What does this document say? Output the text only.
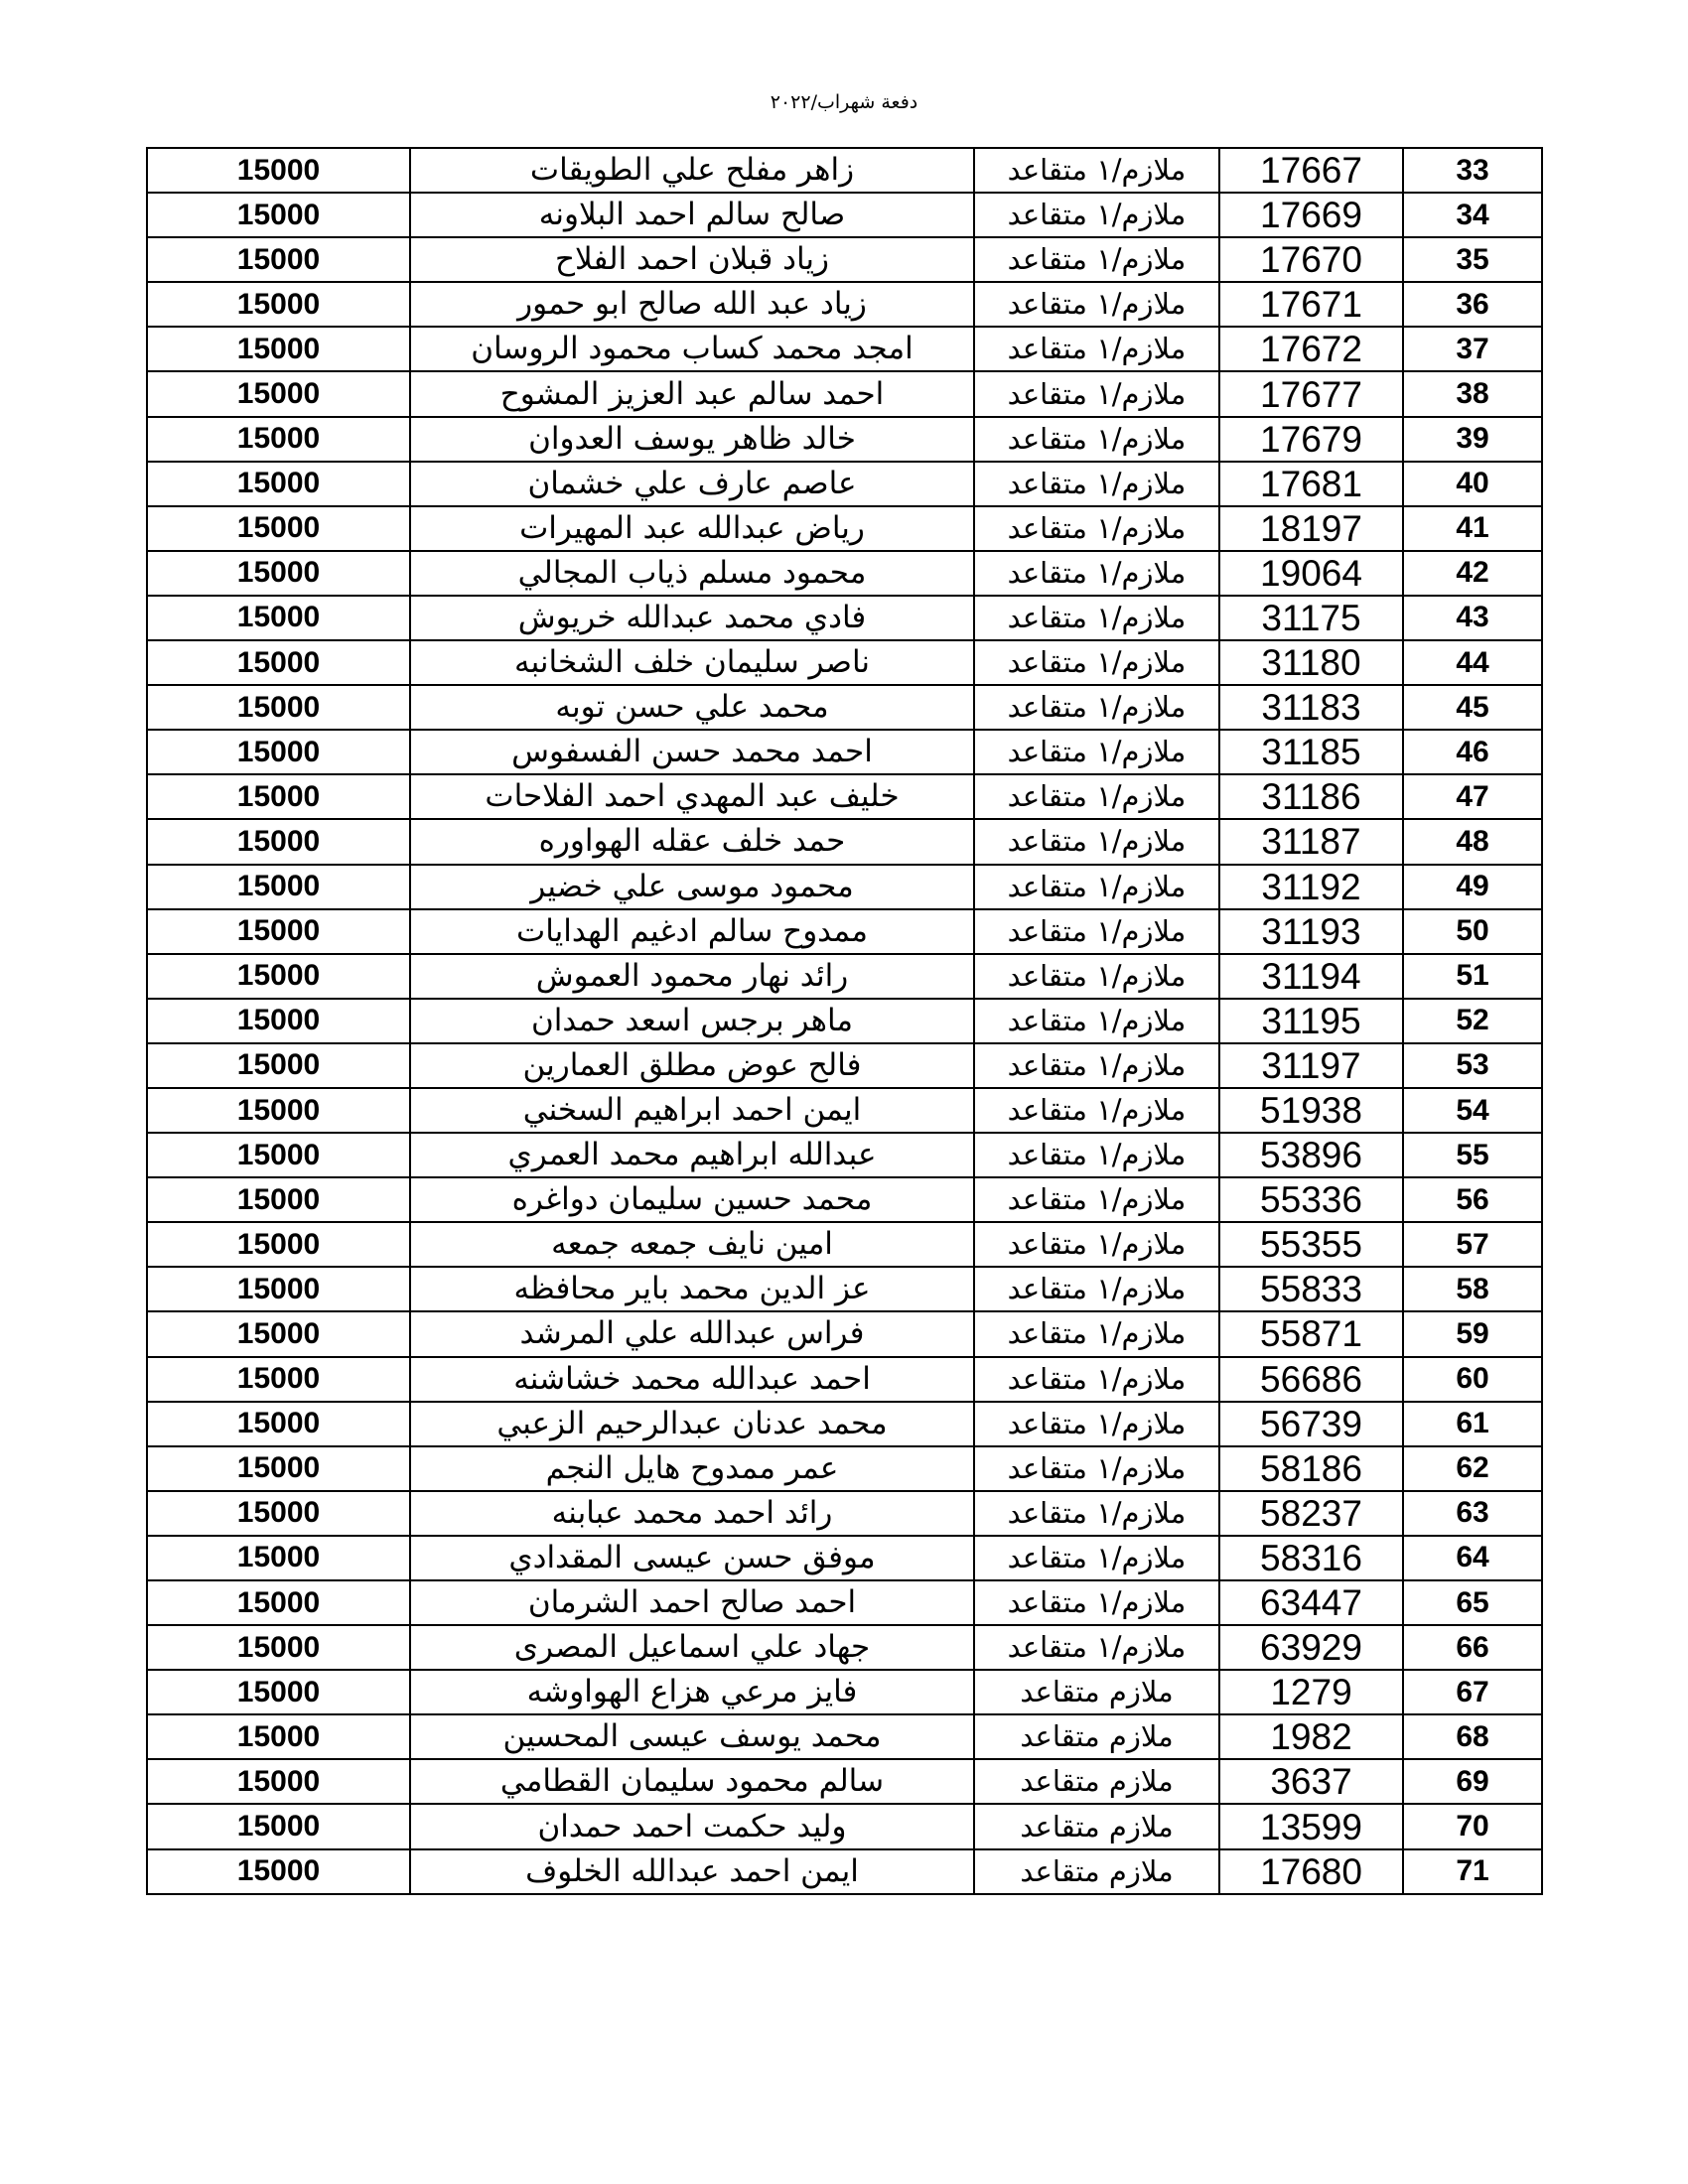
دفعة شهراب/٢٠٢٢
15000	زاهر مفلح علي الطويقات	ملازم/١ متقاعد	17667	33
15000	صالح سالم احمد البلاونه	ملازم/١ متقاعد	17669	34
15000	زياد قبلان احمد الفلاح	ملازم/١ متقاعد	17670	35
15000	زياد عبد الله صالح ابو حمور	ملازم/١ متقاعد	17671	36
15000	امجد محمد كساب محمود الروسان	ملازم/١ متقاعد	17672	37
15000	احمد سالم عبد العزيز المشوح	ملازم/١ متقاعد	17677	38
15000	خالد ظاهر يوسف العدوان	ملازم/١ متقاعد	17679	39
15000	عاصم عارف علي خشمان	ملازم/١ متقاعد	17681	40
15000	رياض عبدالله عبد المهيرات	ملازم/١ متقاعد	18197	41
15000	محمود مسلم ذياب المجالي	ملازم/١ متقاعد	19064	42
15000	فادي محمد عبدالله خريوش	ملازم/١ متقاعد	31175	43
15000	ناصر سليمان خلف الشخانبه	ملازم/١ متقاعد	31180	44
15000	محمد علي حسن توبه	ملازم/١ متقاعد	31183	45
15000	احمد محمد حسن الفسفوس	ملازم/١ متقاعد	31185	46
15000	خليف عبد المهدي احمد الفلاحات	ملازم/١ متقاعد	31186	47
15000	حمد خلف عقله الهواوره	ملازم/١ متقاعد	31187	48
15000	محمود موسى علي خضير	ملازم/١ متقاعد	31192	49
15000	ممدوح سالم ادغيم الهدايات	ملازم/١ متقاعد	31193	50
15000	رائد نهار محمود العموش	ملازم/١ متقاعد	31194	51
15000	ماهر برجس اسعد حمدان	ملازم/١ متقاعد	31195	52
15000	فالح عوض مطلق العمارين	ملازم/١ متقاعد	31197	53
15000	ايمن احمد ابراهيم السخني	ملازم/١ متقاعد	51938	54
15000	عبدالله ابراهيم محمد العمري	ملازم/١ متقاعد	53896	55
15000	محمد حسين سليمان دواغره	ملازم/١ متقاعد	55336	56
15000	امين نايف جمعه جمعه	ملازم/١ متقاعد	55355	57
15000	عز الدين محمد باير محافظه	ملازم/١ متقاعد	55833	58
15000	فراس عبدالله علي المرشد	ملازم/١ متقاعد	55871	59
15000	احمد عبدالله محمد خشاشنه	ملازم/١ متقاعد	56686	60
15000	محمد عدنان عبدالرحيم الزعبي	ملازم/١ متقاعد	56739	61
15000	عمر ممدوح هايل النجم	ملازم/١ متقاعد	58186	62
15000	رائد احمد محمد عبابنه	ملازم/١ متقاعد	58237	63
15000	موفق حسن عيسى المقدادي	ملازم/١ متقاعد	58316	64
15000	احمد صالح احمد الشرمان	ملازم/١ متقاعد	63447	65
15000	جهاد علي اسماعيل المصرى	ملازم/١ متقاعد	63929	66
15000	فايز مرعي هزاع الهواوشه	ملازم متقاعد	1279	67
15000	محمد يوسف عيسى المحسين	ملازم متقاعد	1982	68
15000	سالم محمود سليمان القطامي	ملازم متقاعد	3637	69
15000	وليد حكمت احمد حمدان	ملازم متقاعد	13599	70
15000	ايمن احمد عبدالله الخلوف	ملازم متقاعد	17680	71
